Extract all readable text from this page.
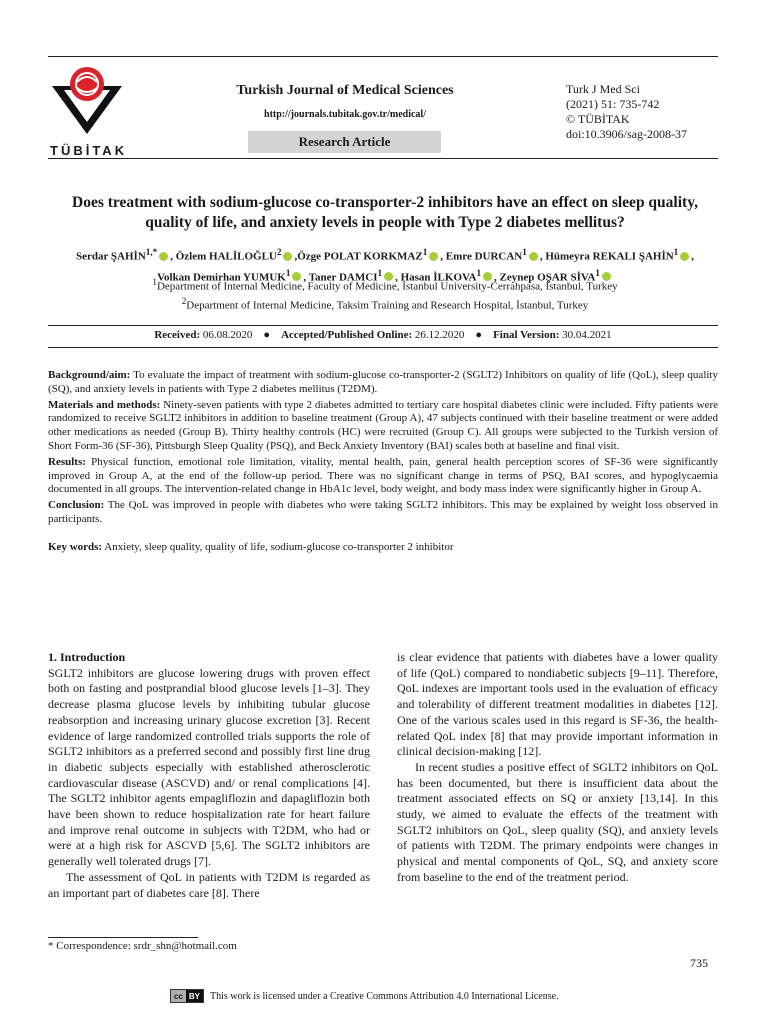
TÜBİTAK
Turkish Journal of Medical Sciences
http://journals.tubitak.gov.tr/medical/
Research Article
Turk J Med Sci
(2021) 51: 735-742
© TÜBİTAK
doi:10.3906/sag-2008-37
Does treatment with sodium-glucose co-transporter-2 inhibitors have an effect on sleep quality, quality of life, and anxiety levels in people with Type 2 diabetes mellitus?
Serdar $ŞAHİN^{1,*}$ , Özlem HALİLOĞLU$^2$ ,Özge POLAT KORKMAZ$^1$ , Emre DURCAN$^1$ , Hümeyra REKALI ŞAHİN$^1$ ,
Volkan Demirhan YUMUK$^1$ , Taner DAMCI$^1$ , Hasan İLKOVA$^1$ , Zeynep OŞAR SİVA$^1$
$^1$Department of Internal Medicine, Faculty of Medicine, İstanbul University-Cerrahpasa, İstanbul, Turkey
$^2$Department of Internal Medicine, Taksim Training and Research Hospital, İstanbul, Turkey
Received: 06.08.2020 ● Accepted/Published Online: 26.12.2020 ● Final Version: 30.04.2021

Background/aim: To evaluate the impact of treatment with sodium-glucose co-transporter-2 (SGLT2) Inhibitors on quality of life (QoL), sleep quality (SQ), and anxiety levels in patients with Type 2 diabetes mellitus (T2DM).

Materials and methods: Ninety-seven patients with type 2 diabetes admitted to tertiary care hospital diabetes clinic were included. Fifty patients were randomized to receive SGLT2 inhibitors in addition to baseline treatment (Group A), 47 subjects continued with their baseline treatment or were added other medications as needed (Group B). Thirty healthy controls (HC) were recruited (Group C). All groups were subjected to the Turkish version of Short Form-36 (SF-36), Pittsburgh Sleep Quality (PSQ), and Beck Anxiety Inventory (BAI) scales both at baseline and final visit.

Results: Physical function, emotional role limitation, vitality, mental health, pain, general health perception scores of SF-36 were significantly improved in Group A, at the end of the follow-up period. There was no significant change in terms of PSQ, BAI scores, and hypoglycaemia documented in all groups. The intervention-related change in HbA1c level, body weight, and body mass index were significantly higher in Group A.

Conclusion: The QoL was improved in people with diabetes who were taking SGLT2 inhibitors. This may be explained by weight loss observed in participants.

Key words: Anxiety, sleep quality, quality of life, sodium-glucose co-transporter 2 inhibitor

1. Introduction

SGLT2 inhibitors are glucose lowering drugs with proven effect both on fasting and postprandial blood glucose levels [1–3]. They decrease plasma glucose levels by inhibiting tubular glucose reabsorption and increasing urinary glucose excretion [3]. Recent evidence of large randomized controlled trials supports the role of SGLT2 inhibitors as a preferred second and possibly first line drug in diabetic subjects especially with established atherosclerotic cardiovascular disease (ASCVD) and/ or renal complications [4]. The SGLT2 inhibitor agents empagliflozin and dapagliflozin both have been shown to reduce hospitalization rate for heart failure and improve renal outcome in subjects with T2DM, who had or were at a high risk for ASCVD [5,6]. The SGLT2 inhibitors are generally well tolerated drugs [7].

The assessment of QoL in patients with T2DM is regarded as an important part of diabetes care [8]. There

is clear evidence that patients with diabetes have a lower quality of life (QoL) compared to nondiabetic subjects [9–11]. Therefore, QoL indexes are important tools used in the evaluation of efficacy and tolerability of different treatment modalities in diabetes [12]. One of the various scales used in this regard is SF-36, the health-related QoL index [8] that may provide important information in clinical decision-making [12].

In recent studies a positive effect of SGLT2 inhibitors on QoL has been documented, but there is insufficient data about the treatment associated effects on SQ or anxiety [13,14]. In this study, we aimed to evaluate the effects of the treatment with SGLT2 inhibitors on QoL, sleep quality (SQ), and anxiety levels of patients with T2DM. The primary endpoints were changes in physical and mental components of QoL, SQ, and anxiety score from baseline to the end of the treatment period.

* Correspondence: srdr_shn@hotmail.com
735
cc BY	This work is licensed under a Creative Commons Attribution 4.0 International License.
